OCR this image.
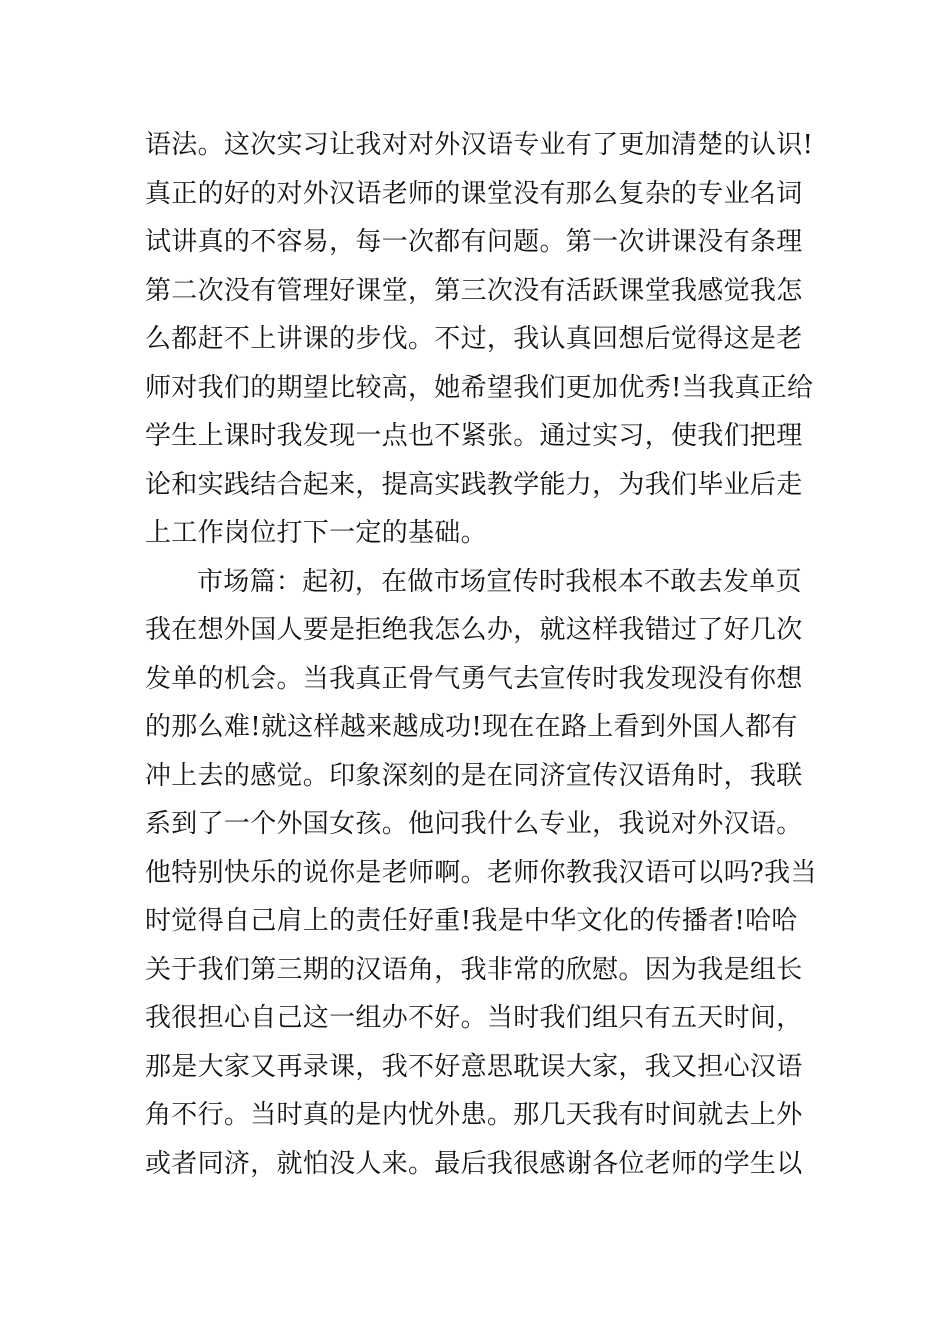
语法。这次实习让我对对外汉语专业有了更加清楚的认识!
真正的好的对外汉语老师的课堂没有那么复杂的专业名词
试讲真的不容易，每一次都有问题。第一次讲课没有条理
第二次没有管理好课堂，第三次没有活跃课堂我感觉我怎
么都赶不上讲课的步伐。不过，我认真回想后觉得这是老
师对我们的期望比较高，她希望我们更加优秀!当我真正给
学生上课时我发现一点也不紧张。通过实习，使我们把理
论和实践结合起来，提高实践教学能力，为我们毕业后走
上工作岗位打下一定的基础。
市场篇：起初，在做市场宣传时我根本不敢去发单页
我在想外国人要是拒绝我怎么办，就这样我错过了好几次
发单的机会。当我真正骨气勇气去宣传时我发现没有你想
的那么难!就这样越来越成功!现在在路上看到外国人都有
冲上去的感觉。印象深刻的是在同济宣传汉语角时，我联
系到了一个外国女孩。他问我什么专业，我说对外汉语。
他特别快乐的说你是老师啊。老师你教我汉语可以吗?我当
时觉得自己肩上的责任好重!我是中华文化的传播者!哈哈
关于我们第三期的汉语角，我非常的欣慰。因为我是组长
我很担心自己这一组办不好。当时我们组只有五天时间，
那是大家又再录课，我不好意思耽误大家，我又担心汉语
角不行。当时真的是内忧外患。那几天我有时间就去上外
或者同济，就怕没人来。最后我很感谢各位老师的学生以
